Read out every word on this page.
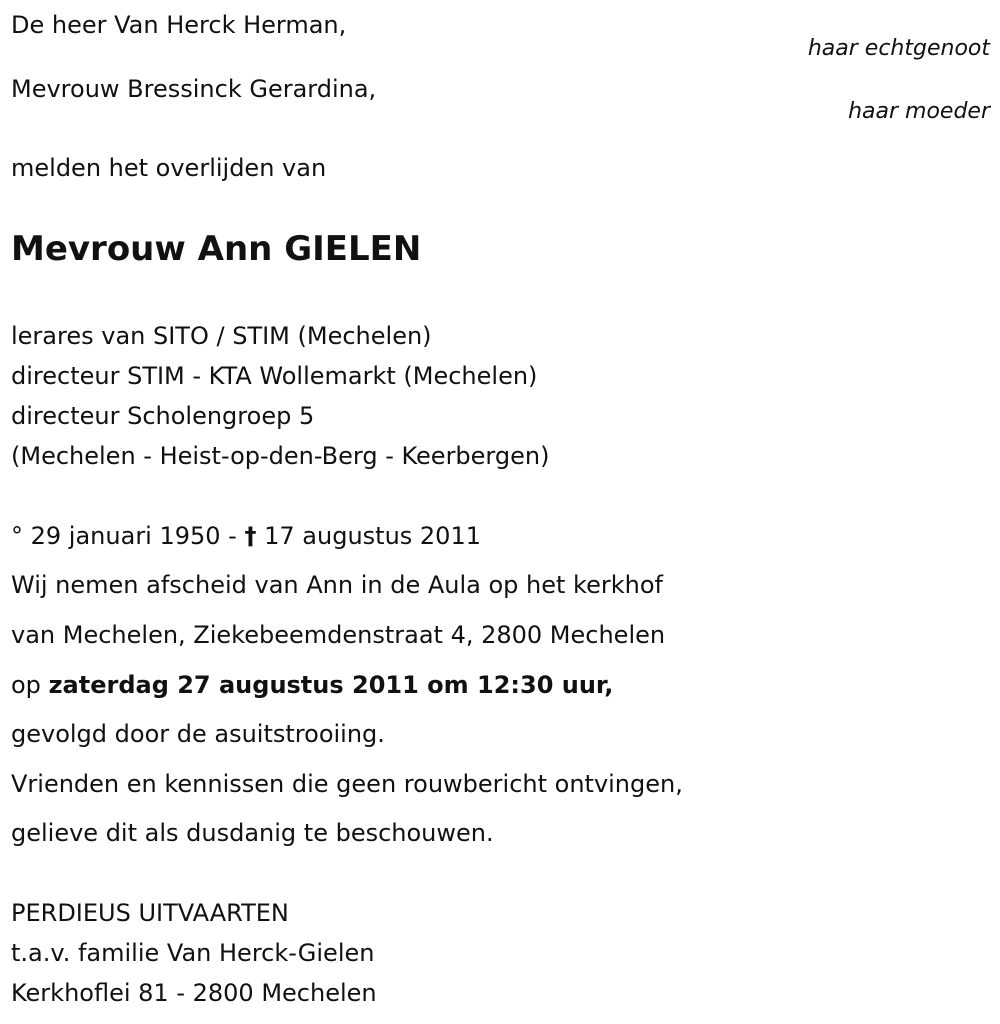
De heer Van Herck Herman,
haar echtgenoot
Mevrouw Bressinck Gerardina,
haar moeder
melden het overlijden van
Mevrouw Ann GIELEN
lerares van SITO / STIM (Mechelen)
directeur STIM - KTA Wollemarkt (Mechelen)
directeur Scholengroep 5
(Mechelen - Heist-op-den-Berg - Keerbergen)
° 29 januari 1950 - † 17 augustus 2011
Wij nemen afscheid van Ann in de Aula op het kerkhof
van Mechelen, Ziekebeemdenstraat 4, 2800 Mechelen
op zaterdag 27 augustus 2011 om 12:30 uur,
gevolgd door de asuitstrooiing.
Vrienden en kennissen die geen rouwbericht ontvingen,
gelieve dit als dusdanig te beschouwen.
PERDIEUS UITVAARTEN
t.a.v. familie Van Herck-Gielen
Kerkhoflei 81 - 2800 Mechelen
